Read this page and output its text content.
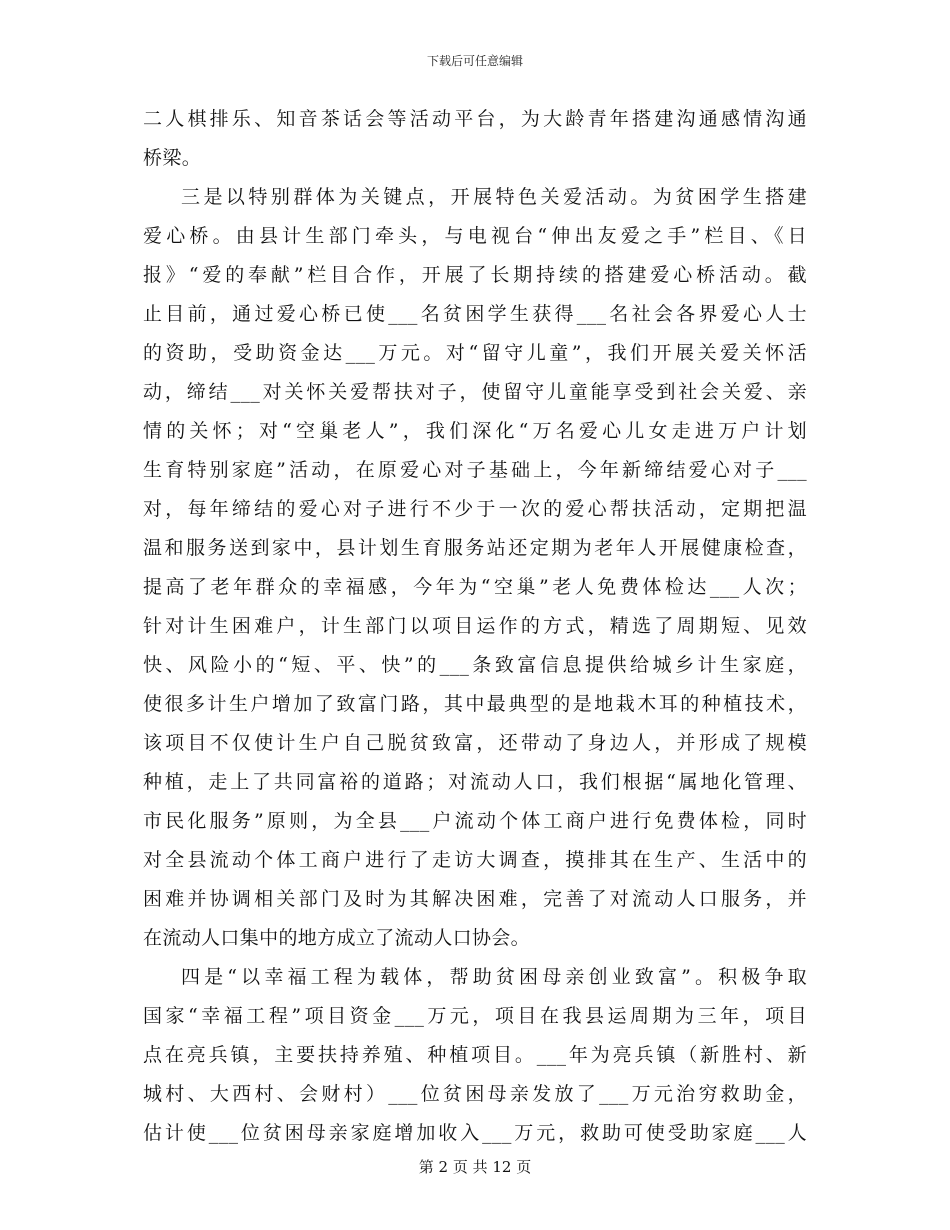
下载后可任意编辑
二人棋排乐、知音茶话会等活动平台，为大龄青年搭建沟通感情沟通
桥梁。
三是以特别群体为关键点，开展特色关爱活动。为贫困学生搭建
爱心桥。由县计生部门牵头，与电视台“伸出友爱之手”栏目、《日
报》“爱的奉献”栏目合作，开展了长期持续的搭建爱心桥活动。截
止目前，通过爱心桥已使___名贫困学生获得___名社会各界爱心人士
的资助，受助资金达___万元。对“留守儿童”，我们开展关爱关怀活
动，缔结___对关怀关爱帮扶对子，使留守儿童能享受到社会关爱、亲
情的关怀；对“空巢老人”，我们深化“万名爱心儿女走进万户计划
生育特别家庭”活动，在原爱心对子基础上，今年新缔结爱心对子___
对，每年缔结的爱心对子进行不少于一次的爱心帮扶活动，定期把温
温和服务送到家中，县计划生育服务站还定期为老年人开展健康检查，
提高了老年群众的幸福感，今年为“空巢”老人免费体检达___人次；
针对计生困难户，计生部门以项目运作的方式，精选了周期短、见效
快、风险小的“短、平、快”的___条致富信息提供给城乡计生家庭，
使很多计生户增加了致富门路，其中最典型的是地栽木耳的种植技术，
该项目不仅使计生户自己脱贫致富，还带动了身边人，并形成了规模
种植，走上了共同富裕的道路；对流动人口，我们根据“属地化管理、
市民化服务”原则，为全县___户流动个体工商户进行免费体检，同时
对全县流动个体工商户进行了走访大调查，摸排其在生产、生活中的
困难并协调相关部门及时为其解决困难，完善了对流动人口服务，并
在流动人口集中的地方成立了流动人口协会。
四是“以幸福工程为载体，帮助贫困母亲创业致富”。积极争取
国家“幸福工程”项目资金___万元，项目在我县运周期为三年，项目
点在亮兵镇，主要扶持养殖、种植项目。___年为亮兵镇（新胜村、新
城村、大西村、会财村）___位贫困母亲发放了___万元治穷救助金，
估计使___位贫困母亲家庭增加收入___万元，救助可使受助家庭___人
第 2 页 共 12 页
